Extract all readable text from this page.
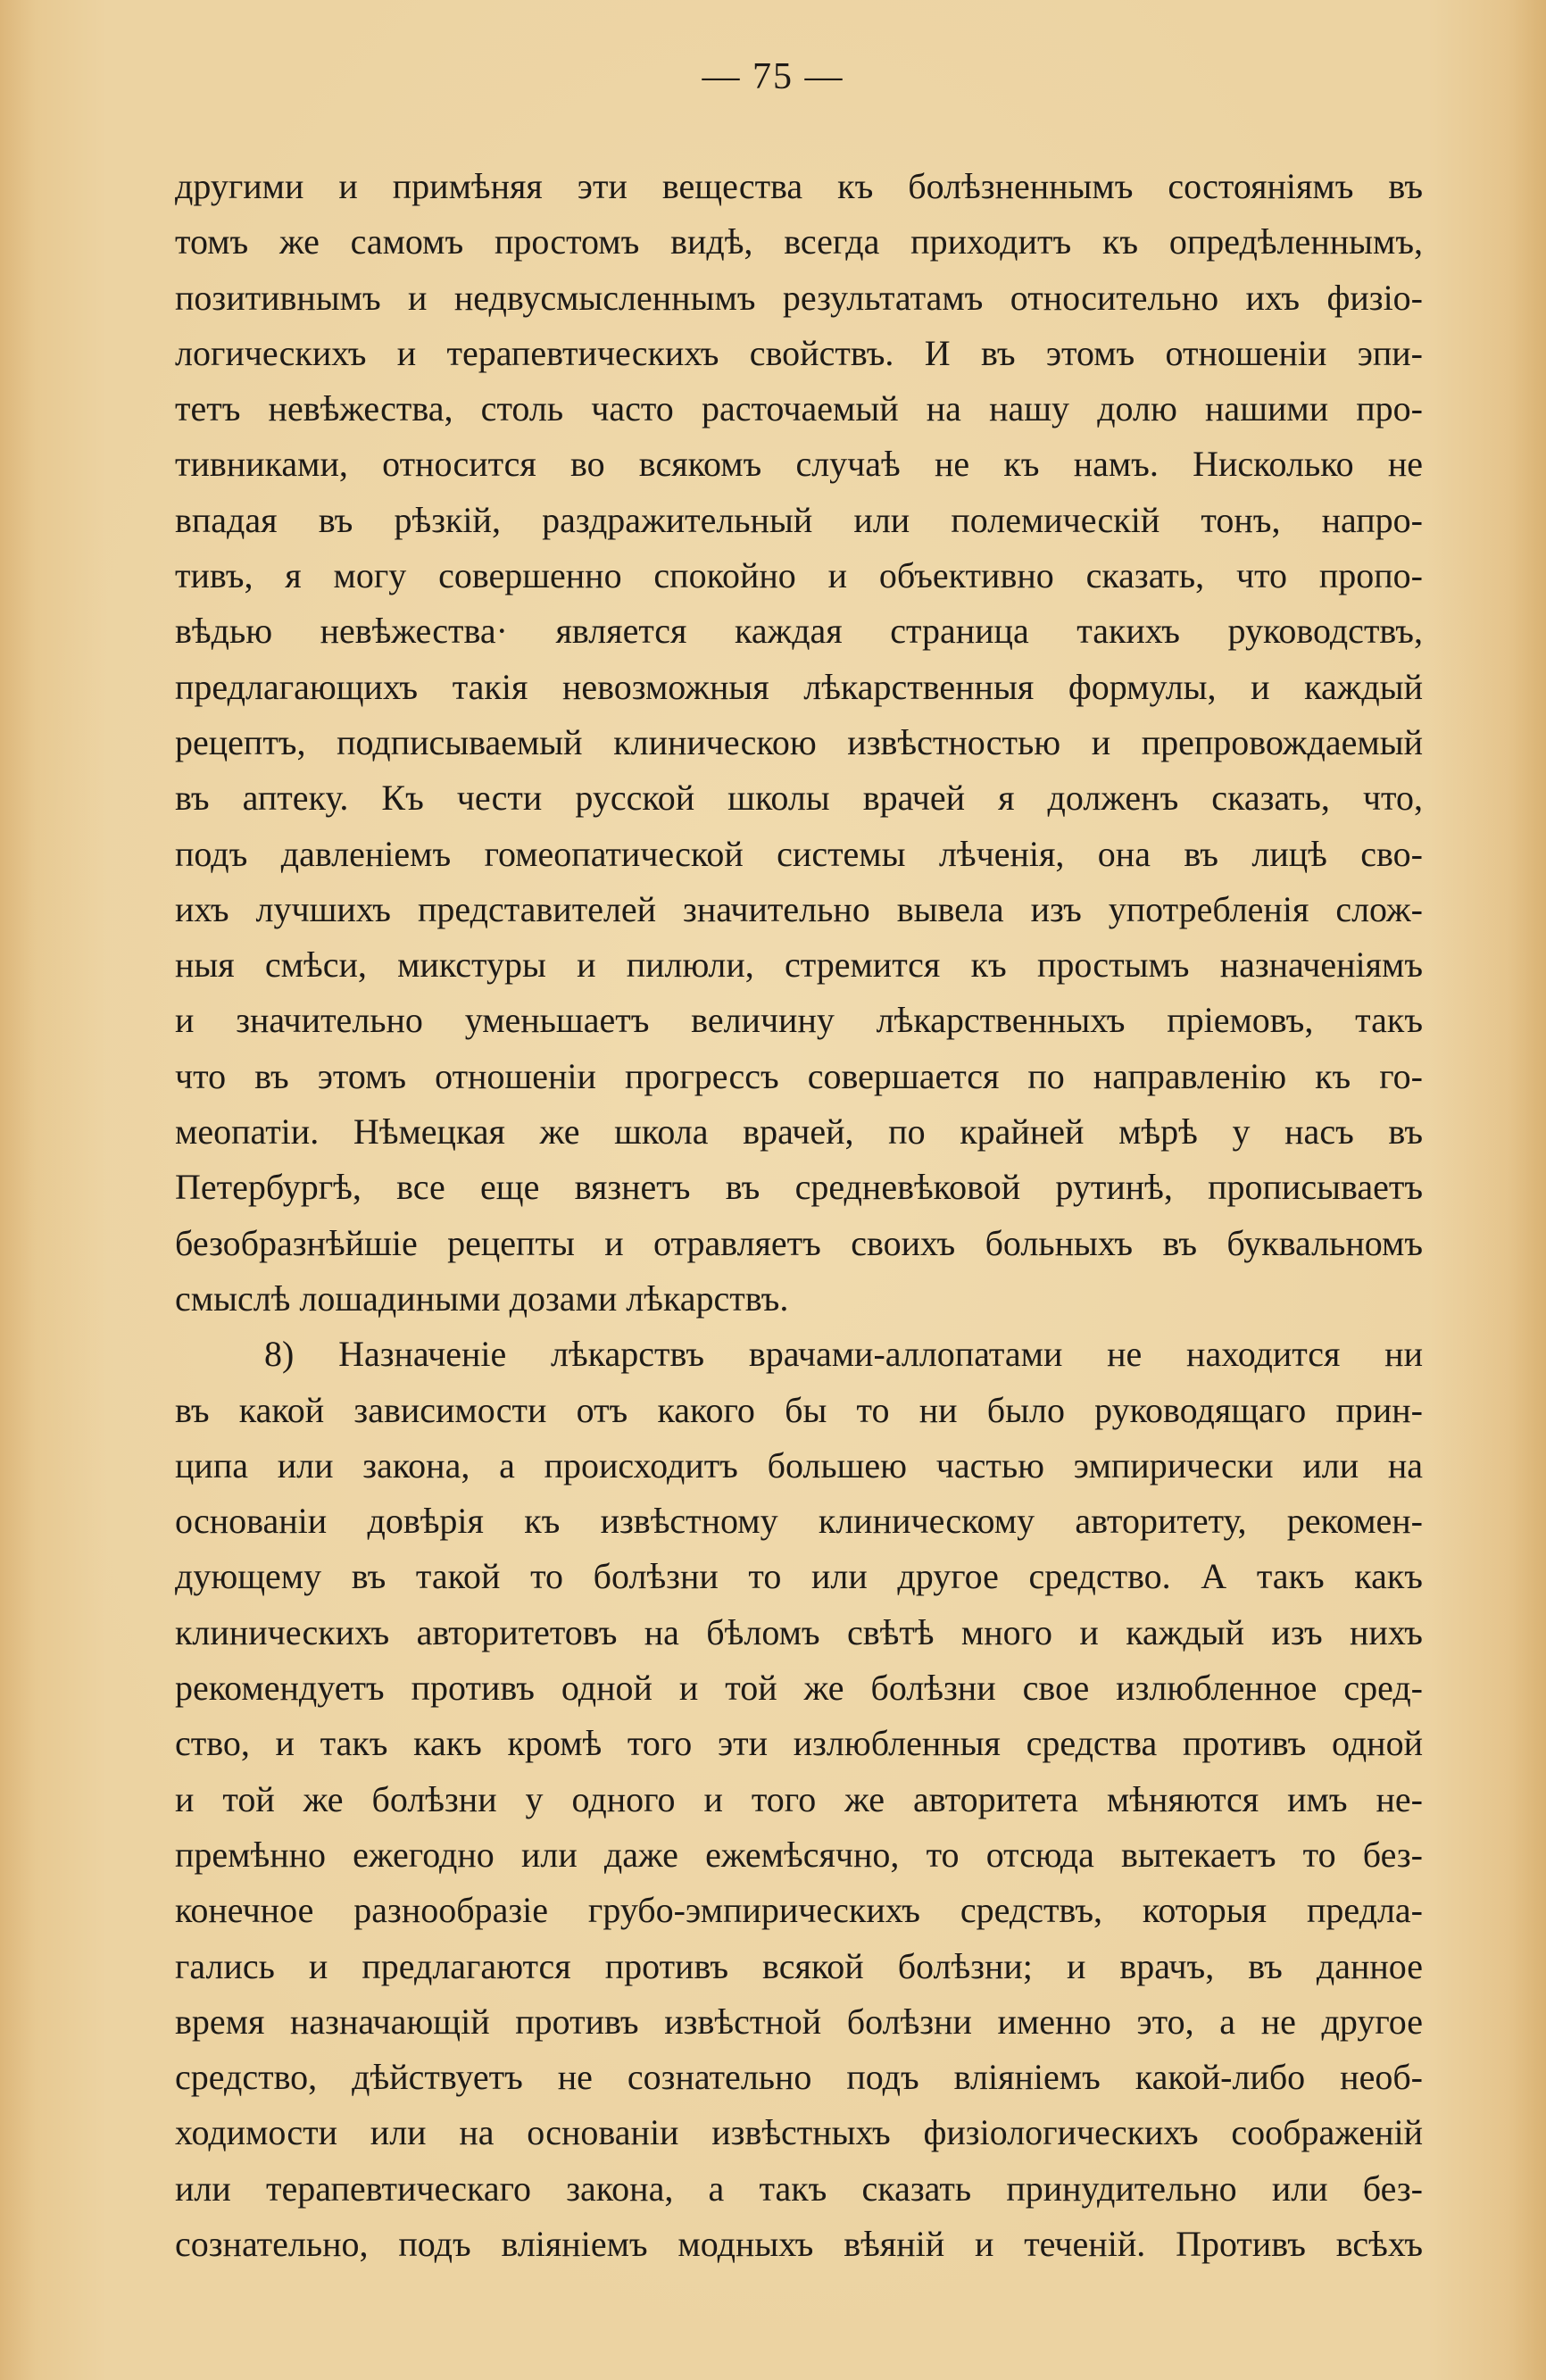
— 75 —
другими и примѣняя эти вещества къ болѣзненнымъ состояніямъ въ
томъ же самомъ простомъ видѣ, всегда приходитъ къ опредѣленнымъ,
позитивнымъ и недвусмысленнымъ результатамъ относительно ихъ физіо-
логическихъ и терапевтическихъ свойствъ. И въ этомъ отношеніи эпи-
тетъ невѣжества, столь часто расточаемый на нашу долю нашими про-
тивниками, относится во всякомъ случаѣ не къ намъ. Нисколько не
впадая въ рѣзкій, раздражительный или полемическій тонъ, напро-
тивъ, я могу совершенно спокойно и объективно сказать, что пропо-
вѣдью невѣжества· является каждая страница такихъ руководствъ,
предлагающихъ такія невозможныя лѣкарственныя формулы, и каждый
рецептъ, подписываемый клиническою извѣстностью и препровождаемый
въ аптеку. Къ чести русской школы врачей я долженъ сказать, что,
подъ давленіемъ гомеопатической системы лѣченія, она въ лицѣ сво-
ихъ лучшихъ представителей значительно вывела изъ употребленія слож-
ныя смѣси, микстуры и пилюли, стремится къ простымъ назначеніямъ
и значительно уменьшаетъ величину лѣкарственныхъ пріемовъ, такъ
что въ этомъ отношеніи прогрессъ совершается по направленію къ го-
меопатіи. Нѣмецкая же школа врачей, по крайней мѣрѣ у насъ въ
Петербургѣ, все еще вязнетъ въ средневѣковой рутинѣ, прописываетъ
безобразнѣйшіе рецепты и отравляетъ своихъ больныхъ въ буквальномъ
смыслѣ лошадиными дозами лѣкарствъ.
8) Назначеніе лѣкарствъ врачами-аллопатами не находится ни
въ какой зависимости отъ какого бы то ни было руководящаго прин-
ципа или закона, а происходитъ большею частью эмпирически или на
основаніи довѣрія къ извѣстному клиническому авторитету, рекомен-
дующему въ такой то болѣзни то или другое средство. А такъ какъ
клиническихъ авторитетовъ на бѣломъ свѣтѣ много и каждый изъ нихъ
рекомендуетъ противъ одной и той же болѣзни свое излюбленное сред-
ство, и такъ какъ кромѣ того эти излюбленныя средства противъ одной
и той же болѣзни у одного и того же авторитета мѣняются имъ не-
премѣнно ежегодно или даже ежемѣсячно, то отсюда вытекаетъ то без-
конечное разнообразіе грубо-эмпирическихъ средствъ, которыя предла-
гались и предлагаются противъ всякой болѣзни; и врачъ, въ данное
время назначающій противъ извѣстной болѣзни именно это, а не другое
средство, дѣйствуетъ не сознательно подъ вліяніемъ какой-либо необ-
ходимости или на основаніи извѣстныхъ физіологическихъ соображеній
или терапевтическаго закона, а такъ сказать принудительно или без-
сознательно, подъ вліяніемъ модныхъ вѣяній и теченій. Противъ всѣхъ
